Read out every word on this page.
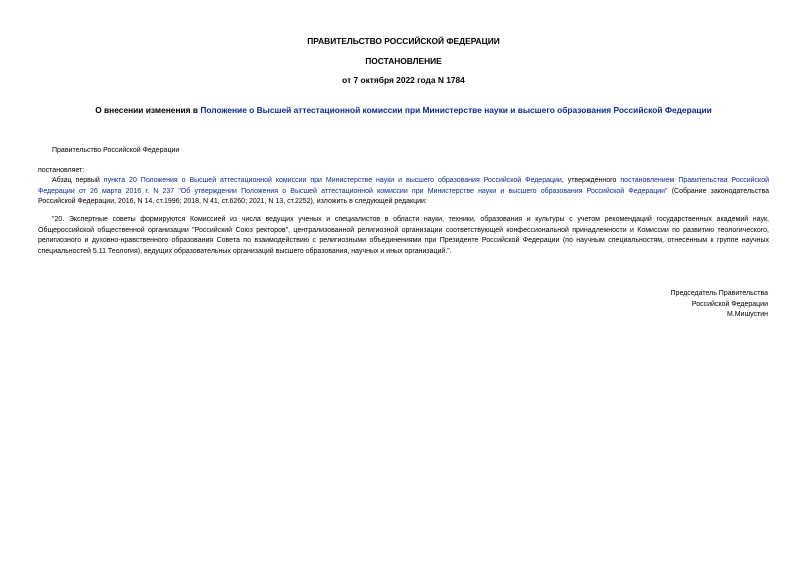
ПРАВИТЕЛЬСТВО РОССИЙСКОЙ ФЕДЕРАЦИИ
ПОСТАНОВЛЕНИЕ
от 7 октября 2022 года N 1784
О внесении изменения в Положение о Высшей аттестационной комиссии при Министерстве науки и высшего образования Российской Федерации
Правительство Российской Федерации
постановляет:
Абзац первый пункта 20 Положения о Высшей аттестационной комиссии при Министерстве науки и высшего образования Российской Федерации, утвержденного постановлением Правительства Российской
Федерации от 26 марта 2016 г. N 237 "Об утверждении Положения о Высшей аттестационной комиссии при Министерстве науки и высшего образования Российской Федерации" (Собрание законодательства
Российской Федерации, 2016, N 14, ст.1996; 2018, N 41, ст.6260; 2021, N 13, ст.2252), изложить в следующей редакции:
"20. Экспертные советы формируются Комиссией из числа ведущих ученых и специалистов в области науки, техники, образования и культуры с учетом рекомендаций государственных академий наук,
Общероссийской общественной организации "Российский Союз ректоров", централизованной религиозной организации соответствующей конфессиональной принадлежности и Комиссии по развитию теологического,
религиозного и духовно-нравственного образования Совета по взаимодействию с религиозными объединениями при Президенте Российской Федерации (по научным специальностям, отнесенным к группе научных
специальностей 5.11 Теология), ведущих образовательных организаций высшего образования, научных и иных организаций.".
Председатель Правительства
Российской Федерации
М.Мишустин
